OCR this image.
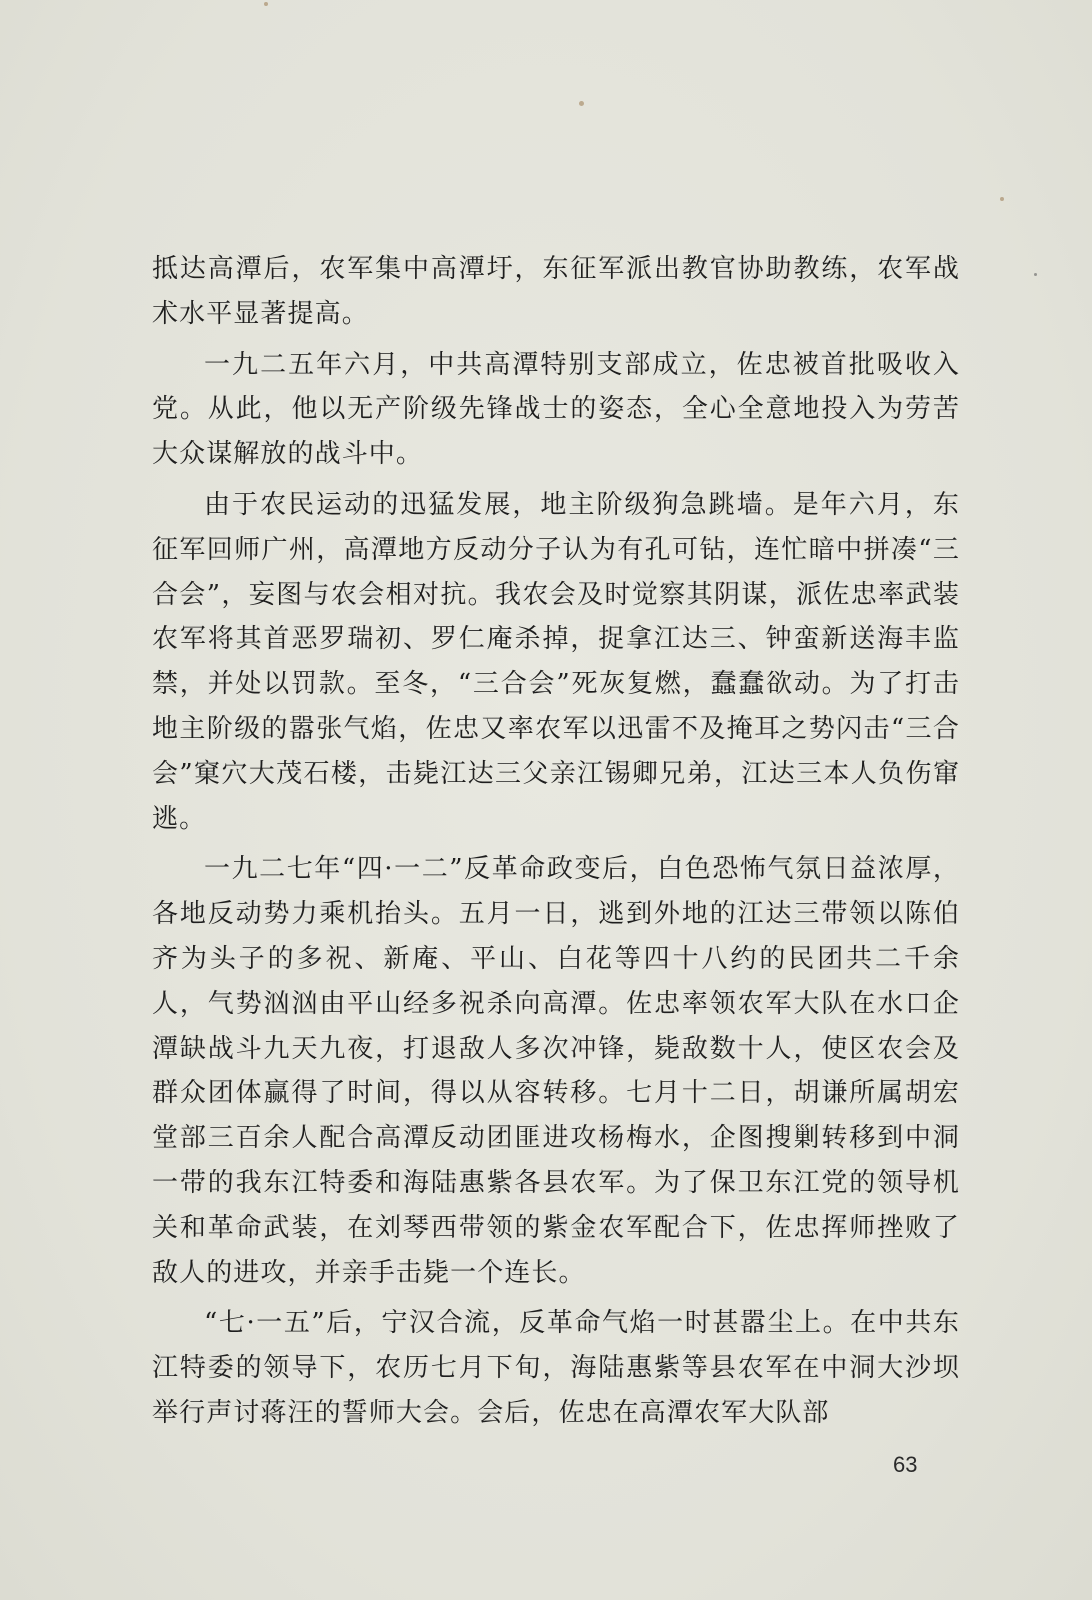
抵达高潭后，农军集中高潭圩，东征军派出教官协助教练，农军战术水平显著提高。

一九二五年六月，中共高潭特别支部成立，佐忠被首批吸收入党。从此，他以无产阶级先锋战士的姿态，全心全意地投入为劳苦大众谋解放的战斗中。

由于农民运动的迅猛发展，地主阶级狗急跳墙。是年六月，东征军回师广州，高潭地方反动分子认为有孔可钻，连忙暗中拼凑“三合会”，妄图与农会相对抗。我农会及时觉察其阴谋，派佐忠率武装农军将其首恶罗瑞初、罗仁庵杀掉，捉拿江达三、钟蛮新送海丰监禁，并处以罚款。至冬，“三合会”死灰复燃，蠢蠢欲动。为了打击地主阶级的嚣张气焰，佐忠又率农军以迅雷不及掩耳之势闪击“三合会”窠穴大茂石楼，击毙江达三父亲江锡卿兄弟，江达三本人负伤窜逃。

一九二七年“四·一二”反革命政变后，白色恐怖气氛日益浓厚，各地反动势力乘机抬头。五月一日，逃到外地的江达三带领以陈伯齐为头子的多祝、新庵、平山、白花等四十八约的民团共二千余人，气势汹汹由平山经多祝杀向高潭。佐忠率领农军大队在水口企潭缺战斗九天九夜，打退敌人多次冲锋，毙敌数十人，使区农会及群众团体赢得了时间，得以从容转移。七月十二日，胡谦所属胡宏堂部三百余人配合高潭反动团匪进攻杨梅水，企图搜剿转移到中洞一带的我东江特委和海陆惠紫各县农军。为了保卫东江党的领导机关和革命武装，在刘琴西带领的紫金农军配合下，佐忠挥师挫败了敌人的进攻，并亲手击毙一个连长。

“七·一五”后，宁汉合流，反革命气焰一时甚嚣尘上。在中共东江特委的领导下，农历七月下旬，海陆惠紫等县农军在中洞大沙坝举行声讨蒋汪的誓师大会。会后，佐忠在高潭农军大队部

63
